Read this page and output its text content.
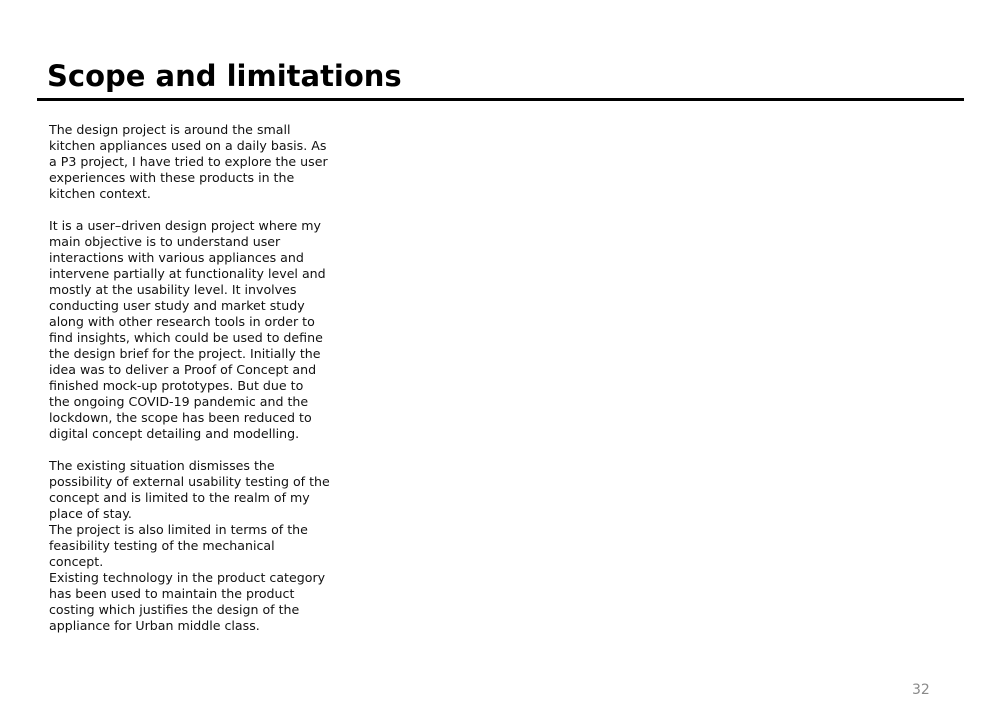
Scope and limitations
The design project is around the small
kitchen appliances used on a daily basis. As
a P3 project, I have tried to explore the user
experiences with these products in the
kitchen context.
It is a user–driven design project where my
main objective is to understand user
interactions with various appliances and
intervene partially at functionality level and
mostly at the usability level. It involves
conducting user study and market study
along with other research tools in order to
find insights, which could be used to define
the design brief for the project. Initially the
idea was to deliver a Proof of Concept and
finished mock-up prototypes. But due to
the ongoing COVID-19 pandemic and the
lockdown, the scope has been reduced to
digital concept detailing and modelling.
The existing situation dismisses the
possibility of external usability testing of the
concept and is limited to the realm of my
place of stay.
The project is also limited in terms of the
feasibility testing of the mechanical
concept.
Existing technology in the product category
has been used to maintain the product
costing which justifies the design of the
appliance for Urban middle class.
32
